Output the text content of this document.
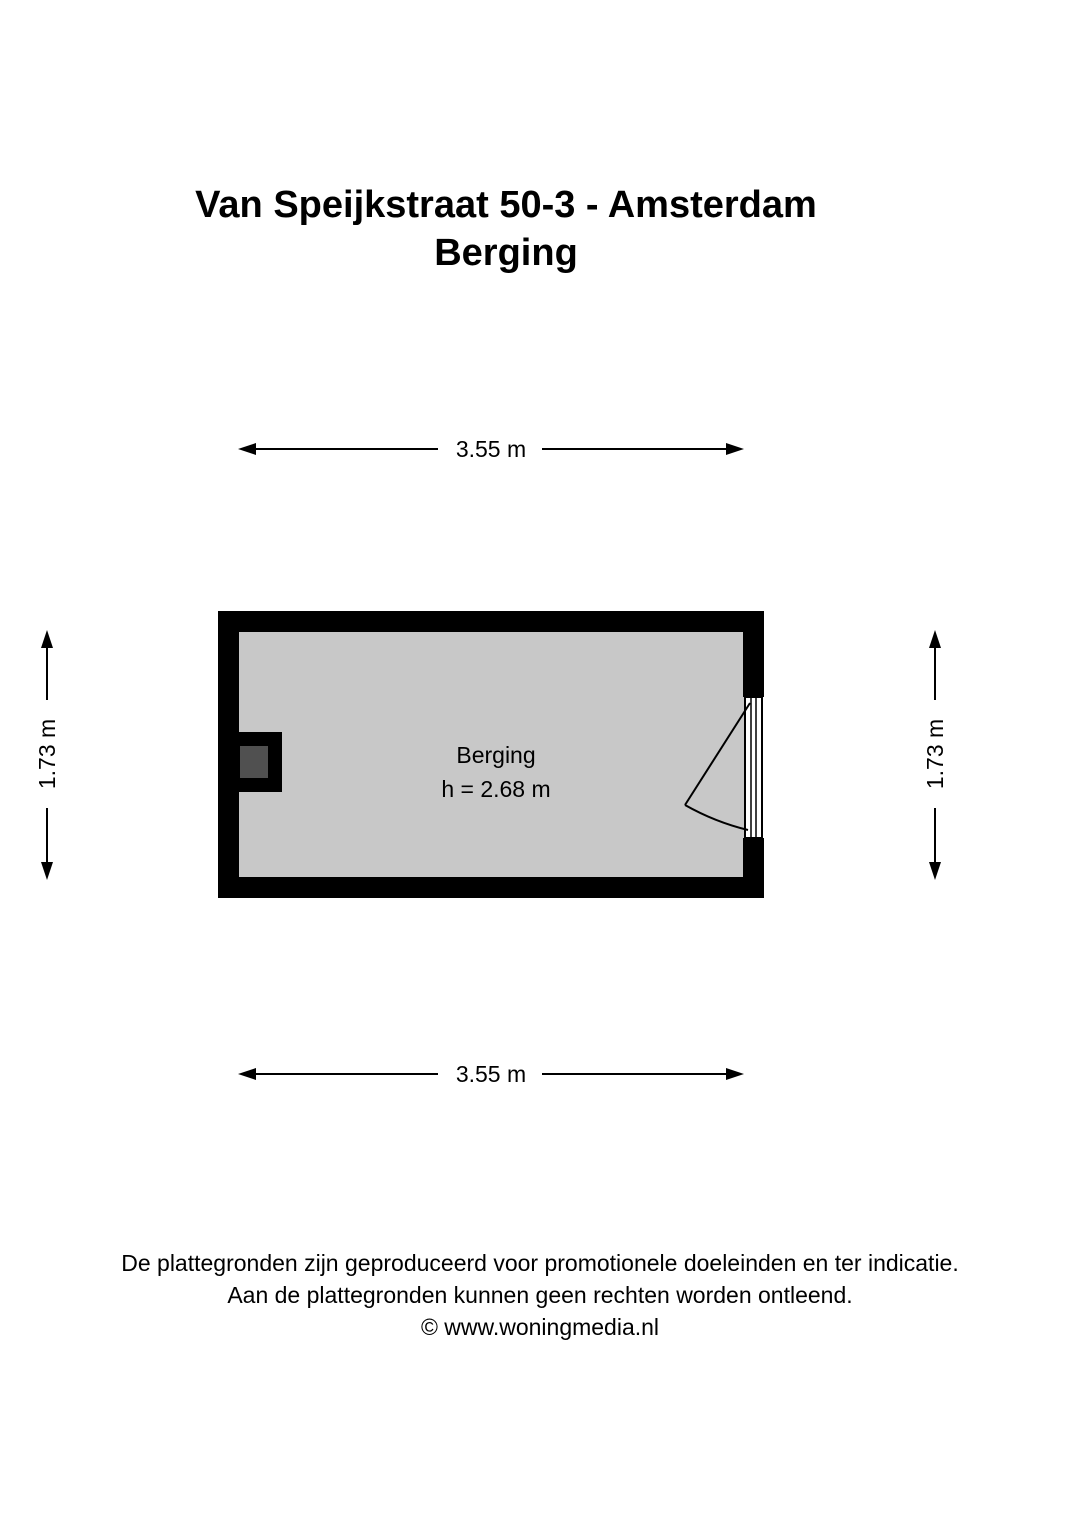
Van Speijkstraat 50-3 - Amsterdam
Berging
3.55 m
3.55 m
1.73 m	1.73 m
Berging
h = 2.68 m
De plattegronden zijn geproduceerd voor promotionele doeleinden en ter indicatie.
Aan de plattegronden kunnen geen rechten worden ontleend.
© www.woningmedia.nl
